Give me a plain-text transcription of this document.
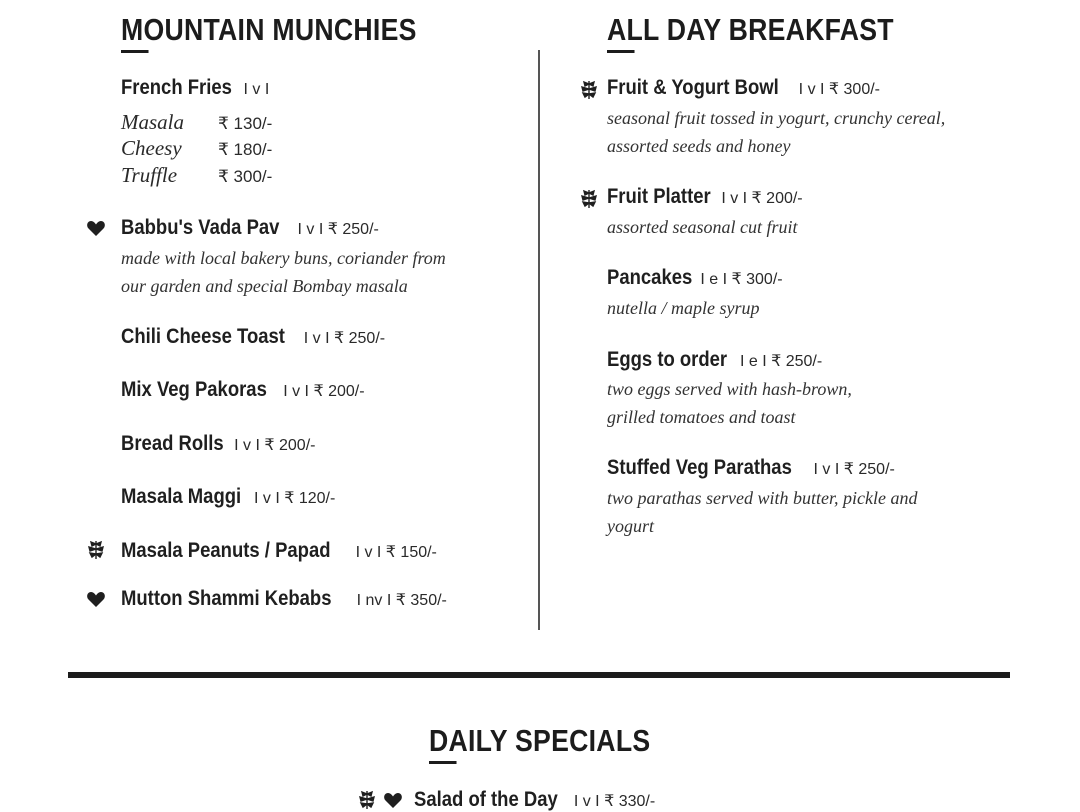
MOUNTAIN MUNCHIES
French Fries I v I
Masala ₹ 130/-
Cheesy ₹ 180/-
Truffle ₹ 300/-
Babbu's Vada Pav I v I ₹ 250/-
made with local bakery buns, coriander from
our garden and special Bombay masala
Chili Cheese Toast I v I ₹ 250/-
Mix Veg Pakoras I v I ₹ 200/-
Bread Rolls I v I ₹ 200/-
Masala Maggi I v I ₹ 120/-
Masala Peanuts / Papad I v I ₹ 150/-
Mutton Shammi Kebabs I nv I ₹ 350/-
ALL DAY BREAKFAST
Fruit & Yogurt Bowl I v I ₹ 300/-
seasonal fruit tossed in yogurt, crunchy cereal,
assorted seeds and honey
Fruit Platter I v I ₹ 200/-
assorted seasonal cut fruit
Pancakes I e I ₹ 300/-
nutella / maple syrup
Eggs to order I e I ₹ 250/-
two eggs served with hash-brown,
grilled tomatoes and toast
Stuffed Veg Parathas I v I ₹ 250/-
two parathas served with butter, pickle and
yogurt
DAILY SPECIALS
Salad of the Day I v I ₹ 330/-
